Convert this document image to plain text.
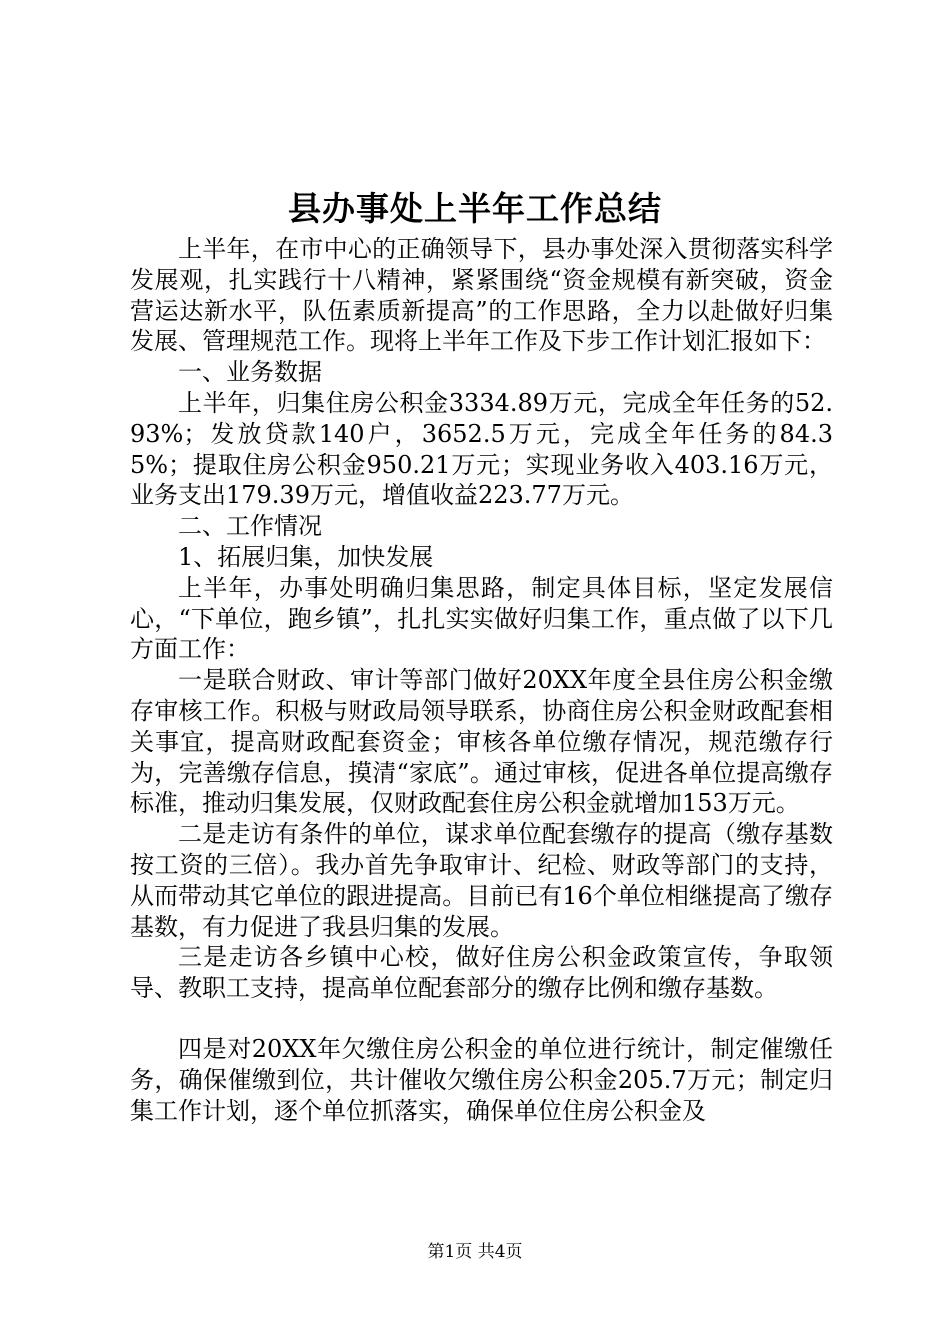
县办事处上半年工作总结

上半年，在市中心的正确领导下，县办事处深入贯彻落实科学发展观，扎实践行十八精神，紧紧围绕“资金规模有新突破，资金营运达新水平，队伍素质新提高”的工作思路，全力以赴做好归集发展、管理规范工作。现将上半年工作及下步工作计划汇报如下：

一、业务数据

上半年，归集住房公积金3334.89万元，完成全年任务的52.93%；发放贷款140户，3652.5万元，完成全年任务的84.35%；提取住房公积金950.21万元；实现业务收入403.16万元，业务支出179.39万元，增值收益223.77万元。

二、工作情况

1、拓展归集，加快发展

上半年，办事处明确归集思路，制定具体目标，坚定发展信心，“下单位，跑乡镇”，扎扎实实做好归集工作，重点做了以下几方面工作：

一是联合财政、审计等部门做好20XX年度全县住房公积金缴存审核工作。积极与财政局领导联系，协商住房公积金财政配套相关事宜，提高财政配套资金；审核各单位缴存情况，规范缴存行为，完善缴存信息，摸清“家底”。通过审核，促进各单位提高缴存标准，推动归集发展，仅财政配套住房公积金就增加153万元。

二是走访有条件的单位，谋求单位配套缴存的提高（缴存基数按工资的三倍）。我办首先争取审计、纪检、财政等部门的支持，从而带动其它单位的跟进提高。目前已有16个单位相继提高了缴存基数，有力促进了我县归集的发展。

三是走访各乡镇中心校，做好住房公积金政策宣传，争取领导、教职工支持，提高单位配套部分的缴存比例和缴存基数。

四是对20XX年欠缴住房公积金的单位进行统计，制定催缴任务，确保催缴到位，共计催收欠缴住房公积金205.7万元；制定归集工作计划，逐个单位抓落实，确保单位住房公积金及

第1页 共4页
